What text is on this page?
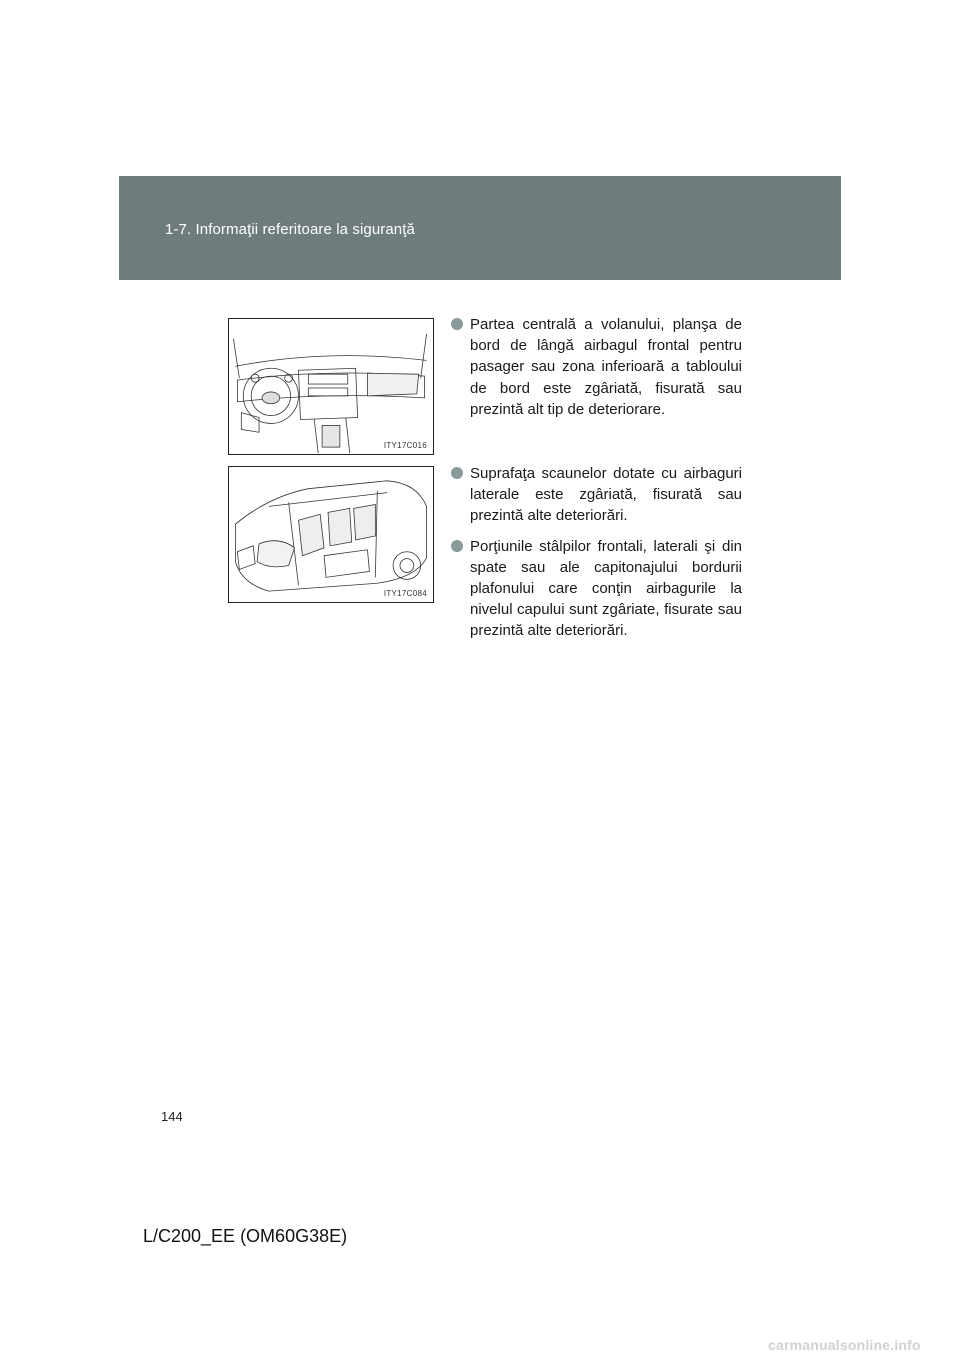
1-7. Informaţii referitoare la siguranţă
ITY17C016
ITY17C084
Partea centrală a volanului, planşa de bord de lângă airbagul frontal pentru pasager sau zona inferioară a tabloului de bord este zgâriată, fisurată sau prezintă alt tip de deteriorare.
Suprafaţa scaunelor dotate cu airbaguri laterale este zgâriată, fisurată sau prezintă alte deteriorări.
Porţiunile stâlpilor frontali, laterali şi din spate sau ale capitonajului bordurii plafonului care conţin airbagurile la nivelul capului sunt zgâriate, fisurate sau prezintă alte deteriorări.
144
L/C200_EE (OM60G38E)
carmanualsonline.info
